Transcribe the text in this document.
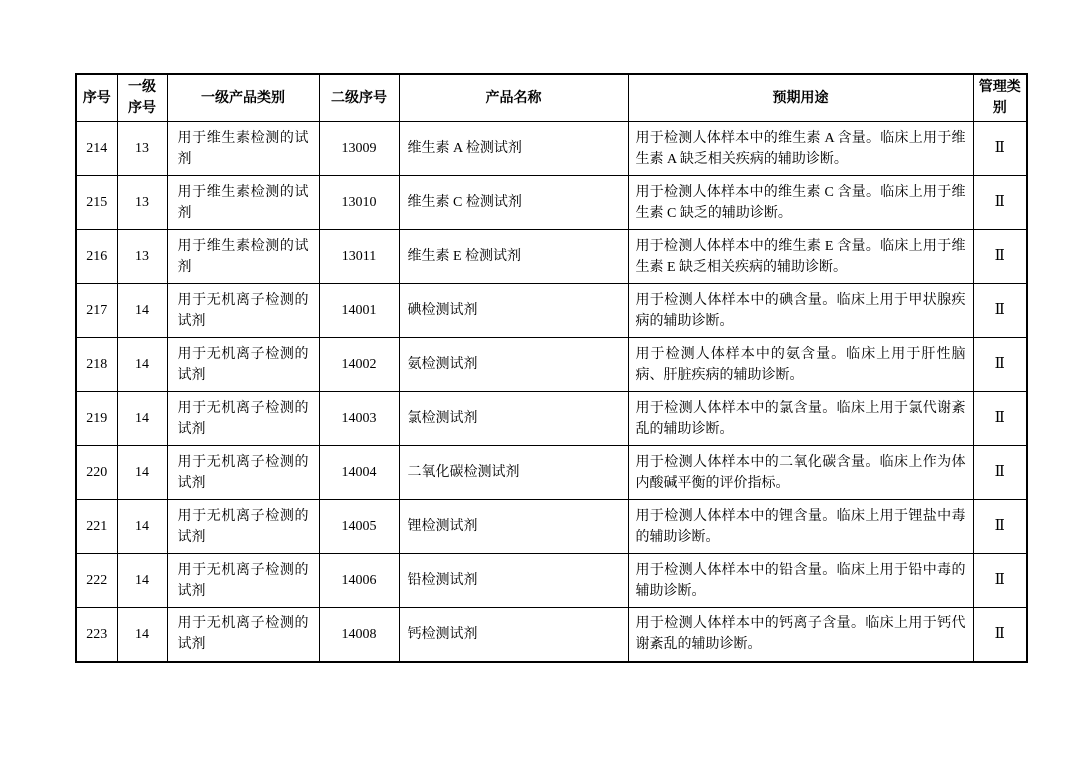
序号	一级序号	一级产品类别	二级序号	产品名称	预期用途	管理类别
214	13	用于维生素检测的试剂	13009	维生素 A 检测试剂	用于检测人体样本中的维生素 A 含量。临床上用于维生素 A 缺乏相关疾病的辅助诊断。	Ⅱ
215	13	用于维生素检测的试剂	13010	维生素 C 检测试剂	用于检测人体样本中的维生素 C 含量。临床上用于维生素 C 缺乏的辅助诊断。	Ⅱ
216	13	用于维生素检测的试剂	13011	维生素 E 检测试剂	用于检测人体样本中的维生素 E 含量。临床上用于维生素 E 缺乏相关疾病的辅助诊断。	Ⅱ
217	14	用于无机离子检测的试剂	14001	碘检测试剂	用于检测人体样本中的碘含量。临床上用于甲状腺疾病的辅助诊断。	Ⅱ
218	14	用于无机离子检测的试剂	14002	氨检测试剂	用于检测人体样本中的氨含量。临床上用于肝性脑病、肝脏疾病的辅助诊断。	Ⅱ
219	14	用于无机离子检测的试剂	14003	氯检测试剂	用于检测人体样本中的氯含量。临床上用于氯代谢紊乱的辅助诊断。	Ⅱ
220	14	用于无机离子检测的试剂	14004	二氧化碳检测试剂	用于检测人体样本中的二氧化碳含量。临床上作为体内酸碱平衡的评价指标。	Ⅱ
221	14	用于无机离子检测的试剂	14005	锂检测试剂	用于检测人体样本中的锂含量。临床上用于锂盐中毒的辅助诊断。	Ⅱ
222	14	用于无机离子检测的试剂	14006	铅检测试剂	用于检测人体样本中的铅含量。临床上用于铅中毒的辅助诊断。	Ⅱ
223	14	用于无机离子检测的试剂	14008	钙检测试剂	用于检测人体样本中的钙离子含量。临床上用于钙代谢紊乱的辅助诊断。	Ⅱ
